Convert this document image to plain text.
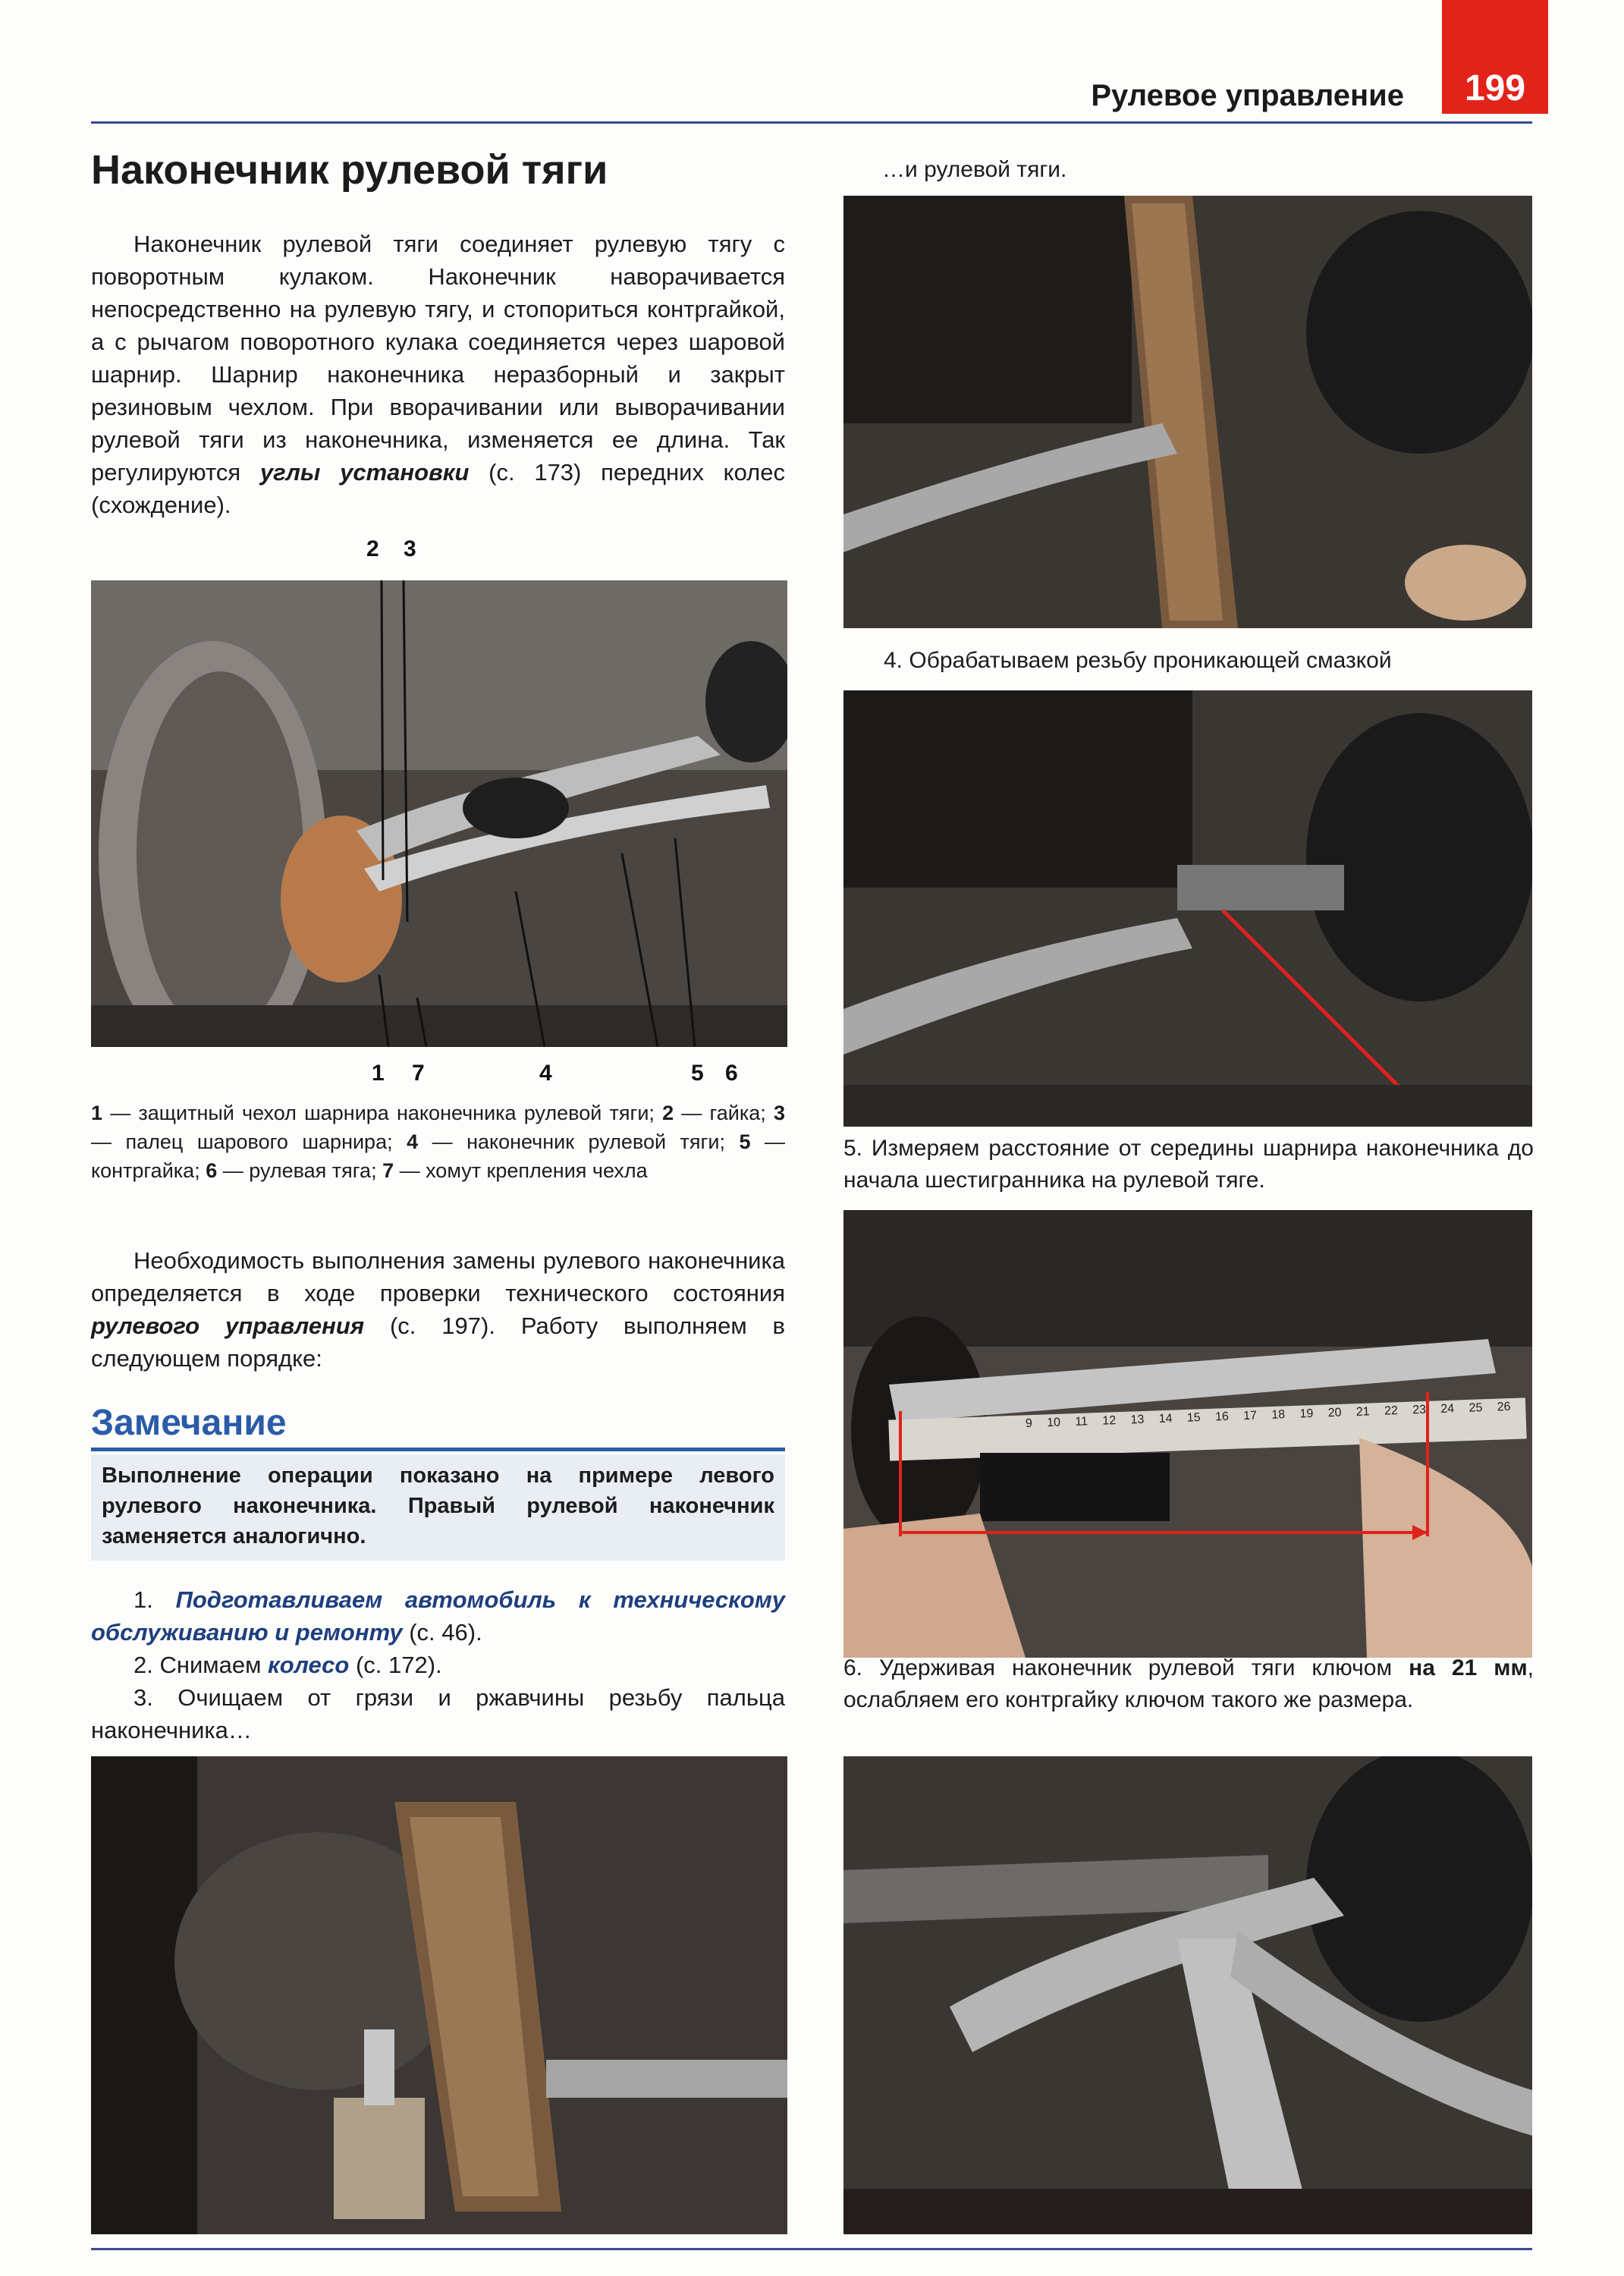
199
Рулевое управление
Наконечник рулевой тяги

Наконечник рулевой тяги соединяет рулевую тягу с поворотным кулаком. Наконечник наворачивается непосредственно на рулевую тягу, и стопориться контргайкой, а с рычагом поворотного кулака соединяется через шаровой шарнир. Шарнир наконечника неразборный и закрыт резиновым чехлом. При вворачивании или выворачивании рулевой тяги из наконечника, изменяется ее длина. Так регулируются углы установки (с. 173) передних колес (схождение).

2 3
1 7	4	5 6

1 — защитный чехол шарнира наконечника рулевой тяги; 2 — гайка; 3 — палец шарового шарнира; 4 — наконечник рулевой тяги; 5 — контргайка; 6 — рулевая тяга; 7 — хомут крепления чехла

Необходимость выполнения замены рулевого наконечника определяется в ходе проверки технического состояния рулевого управления (с. 197). Работу выполняем в следующем порядке:

Замечание

Выполнение операции показано на примере левого рулевого наконечника. Правый рулевой наконечник заменяется аналогично.

1. Подготавливаем автомобиль к техническому обслуживанию и ремонту (с. 46).

2. Снимаем колесо (с. 172).

3. Очищаем от грязи и ржавчины резьбу пальца наконечника…

…и рулевой тяги.
4. Обрабатываем резьбу проникающей смазкой
5. Измеряем расстояние от середины шарнира наконечника до начала шестигранника на рулевой тяге.
9 10 11 12 13 14 15 16 17 18 19 20 21 22 23 24 25 26
6. Удерживая наконечник рулевой тяги ключом на 21 мм, ослабляем его контргайку ключом такого же размера.
